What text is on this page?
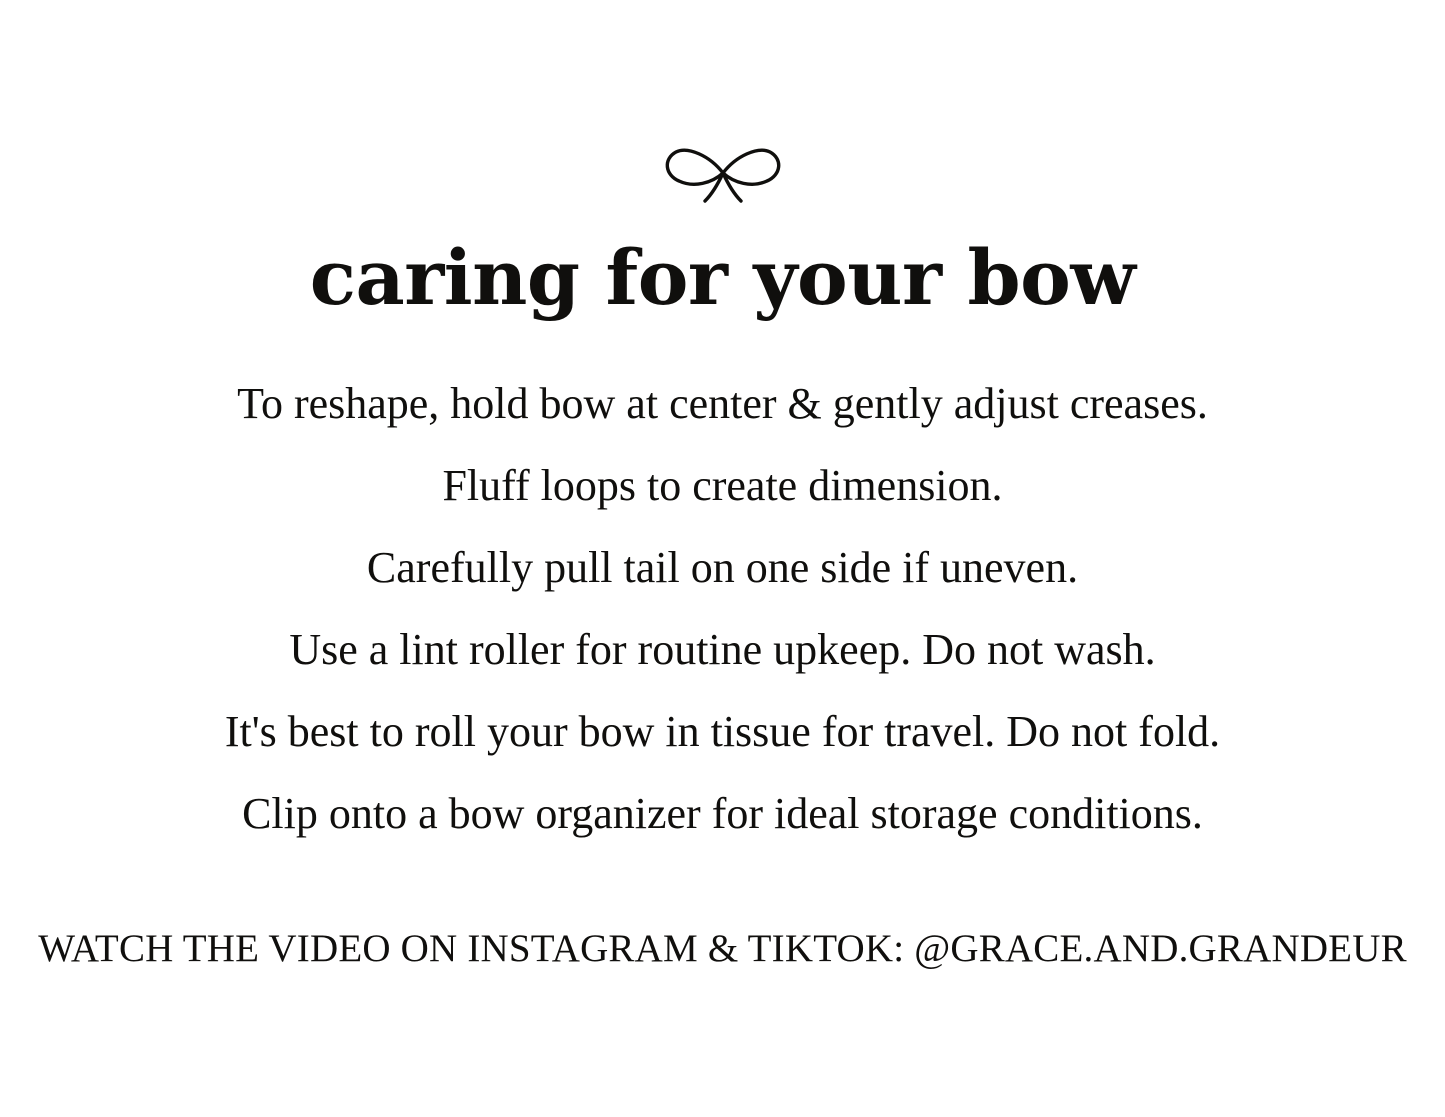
caring for your bow
To reshape, hold bow at center & gently adjust creases.
Fluff loops to create dimension.
Carefully pull tail on one side if uneven.
Use a lint roller for routine upkeep. Do not wash.
It's best to roll your bow in tissue for travel. Do not fold.
Clip onto a bow organizer for ideal storage conditions.
WATCH THE VIDEO ON INSTAGRAM & TIKTOK: @GRACE.AND.GRANDEUR
